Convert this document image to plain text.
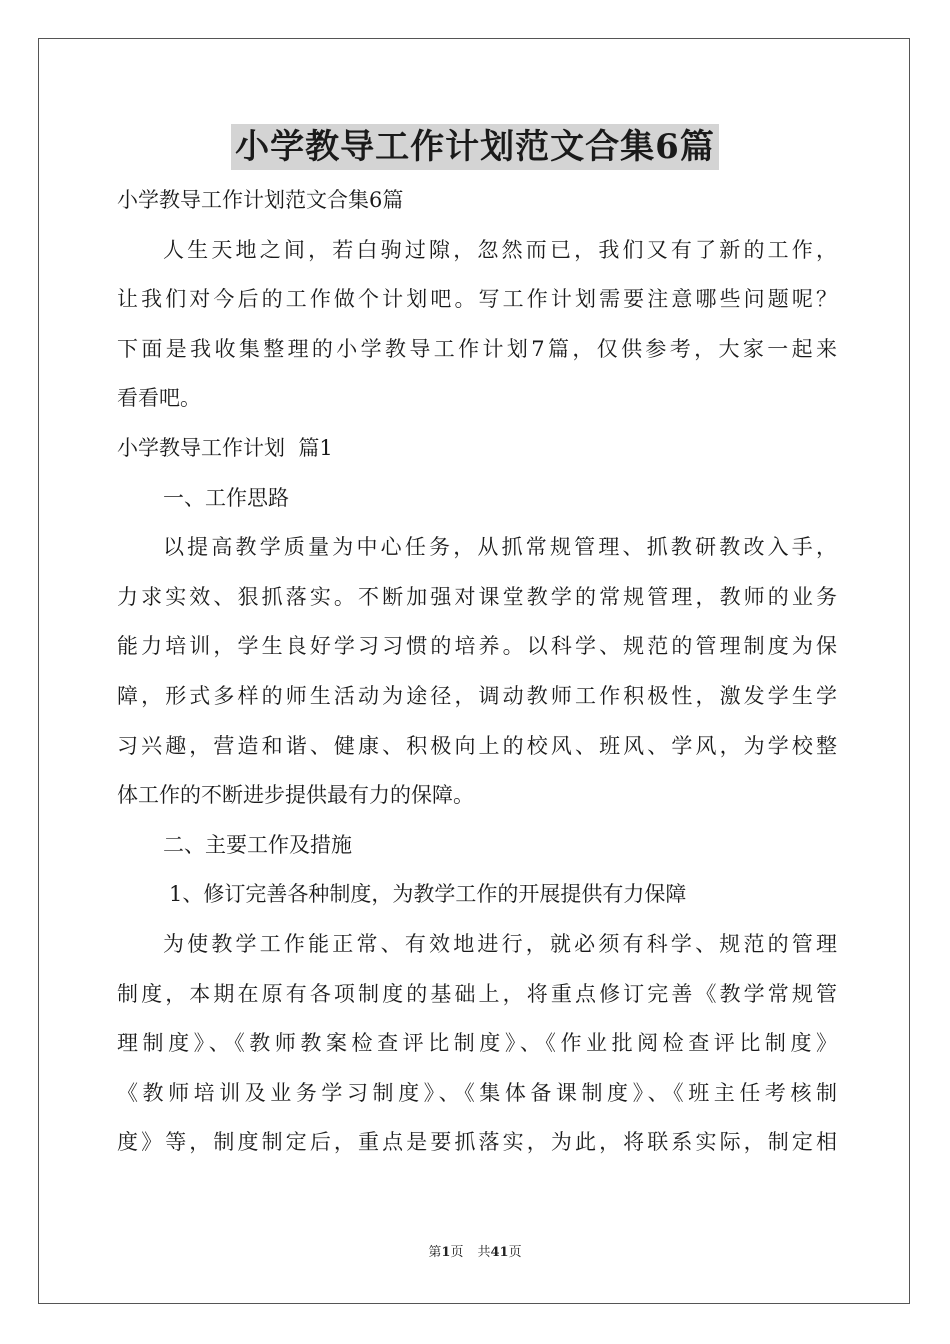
小学教导工作计划范文合集6篇

小学教导工作计划范文合集6篇

人生天地之间，若白驹过隙，忽然而已，我们又有了新的工作，

让我们对今后的工作做个计划吧。写工作计划需要注意哪些问题呢？

下面是我收集整理的小学教导工作计划7篇，仅供参考，大家一起来

看看吧。

小学教导工作计划  篇1

一、工作思路

以提高教学质量为中心任务，从抓常规管理、抓教研教改入手，

力求实效、狠抓落实。不断加强对课堂教学的常规管理，教师的业务

能力培训，学生良好学习习惯的培养。以科学、规范的管理制度为保

障，形式多样的师生活动为途径，调动教师工作积极性，激发学生学

习兴趣，营造和谐、健康、积极向上的校风、班风、学风，为学校整

体工作的不断进步提供最有力的保障。

二、主要工作及措施

1、修订完善各种制度，为教学工作的开展提供有力保障

为使教学工作能正常、有效地进行，就必须有科学、规范的管理

制度，本期在原有各项制度的基础上，将重点修订完善《教学常规管

理制度》、《教师教案检查评比制度》、《作业批阅检查评比制度》

《教师培训及业务学习制度》、《集体备课制度》、《班主任考核制

度》等，制度制定后，重点是要抓落实，为此，将联系实际，制定相

第1页 共41页
